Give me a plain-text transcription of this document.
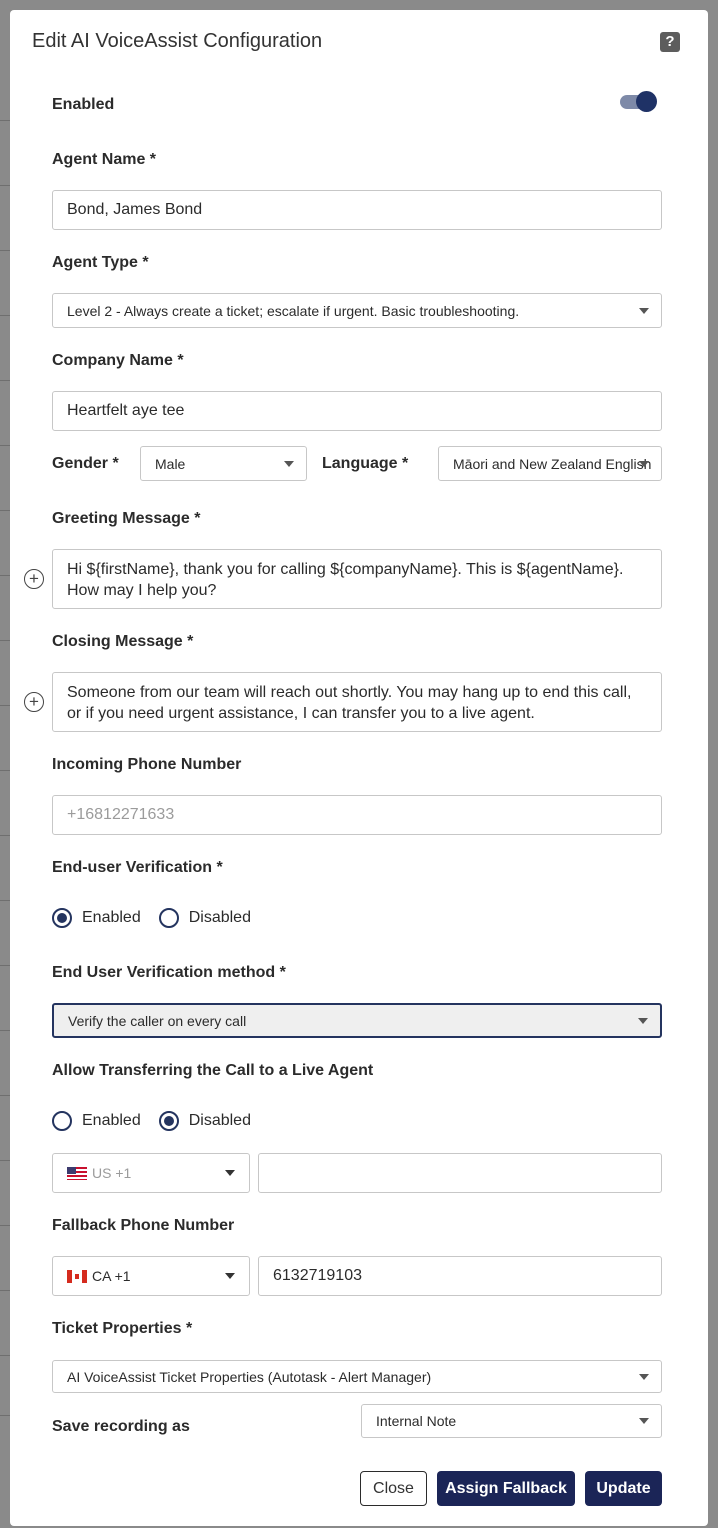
Edit AI VoiceAssist Configuration	?
Enabled
Agent Name *
Bond, James Bond
Agent Type *
Level 2 - Always create a ticket; escalate if urgent. Basic troubleshooting.
Company Name *
Heartfelt aye tee
Gender *	Male	Language *	Māori and New Zealand English
Greeting Message *
+	Hi ${firstName}, thank you for calling ${companyName}. This is ${agentName}. How may I help you?
Closing Message *
+	Someone from our team will reach out shortly. You may hang up to end this call, or if you need urgent assistance, I can transfer you to a live agent.
Incoming Phone Number
+16812271633
End-user Verification *
Enabled	Disabled
End User Verification method *
Verify the caller on every call
Allow Transferring the Call to a Live Agent
Enabled	Disabled
US +1
Fallback Phone Number
CA +1	6132719103
Ticket Properties *
AI VoiceAssist Ticket Properties (Autotask - Alert Manager)
Save recording as	Internal Note
Close	Assign Fallback	Update
